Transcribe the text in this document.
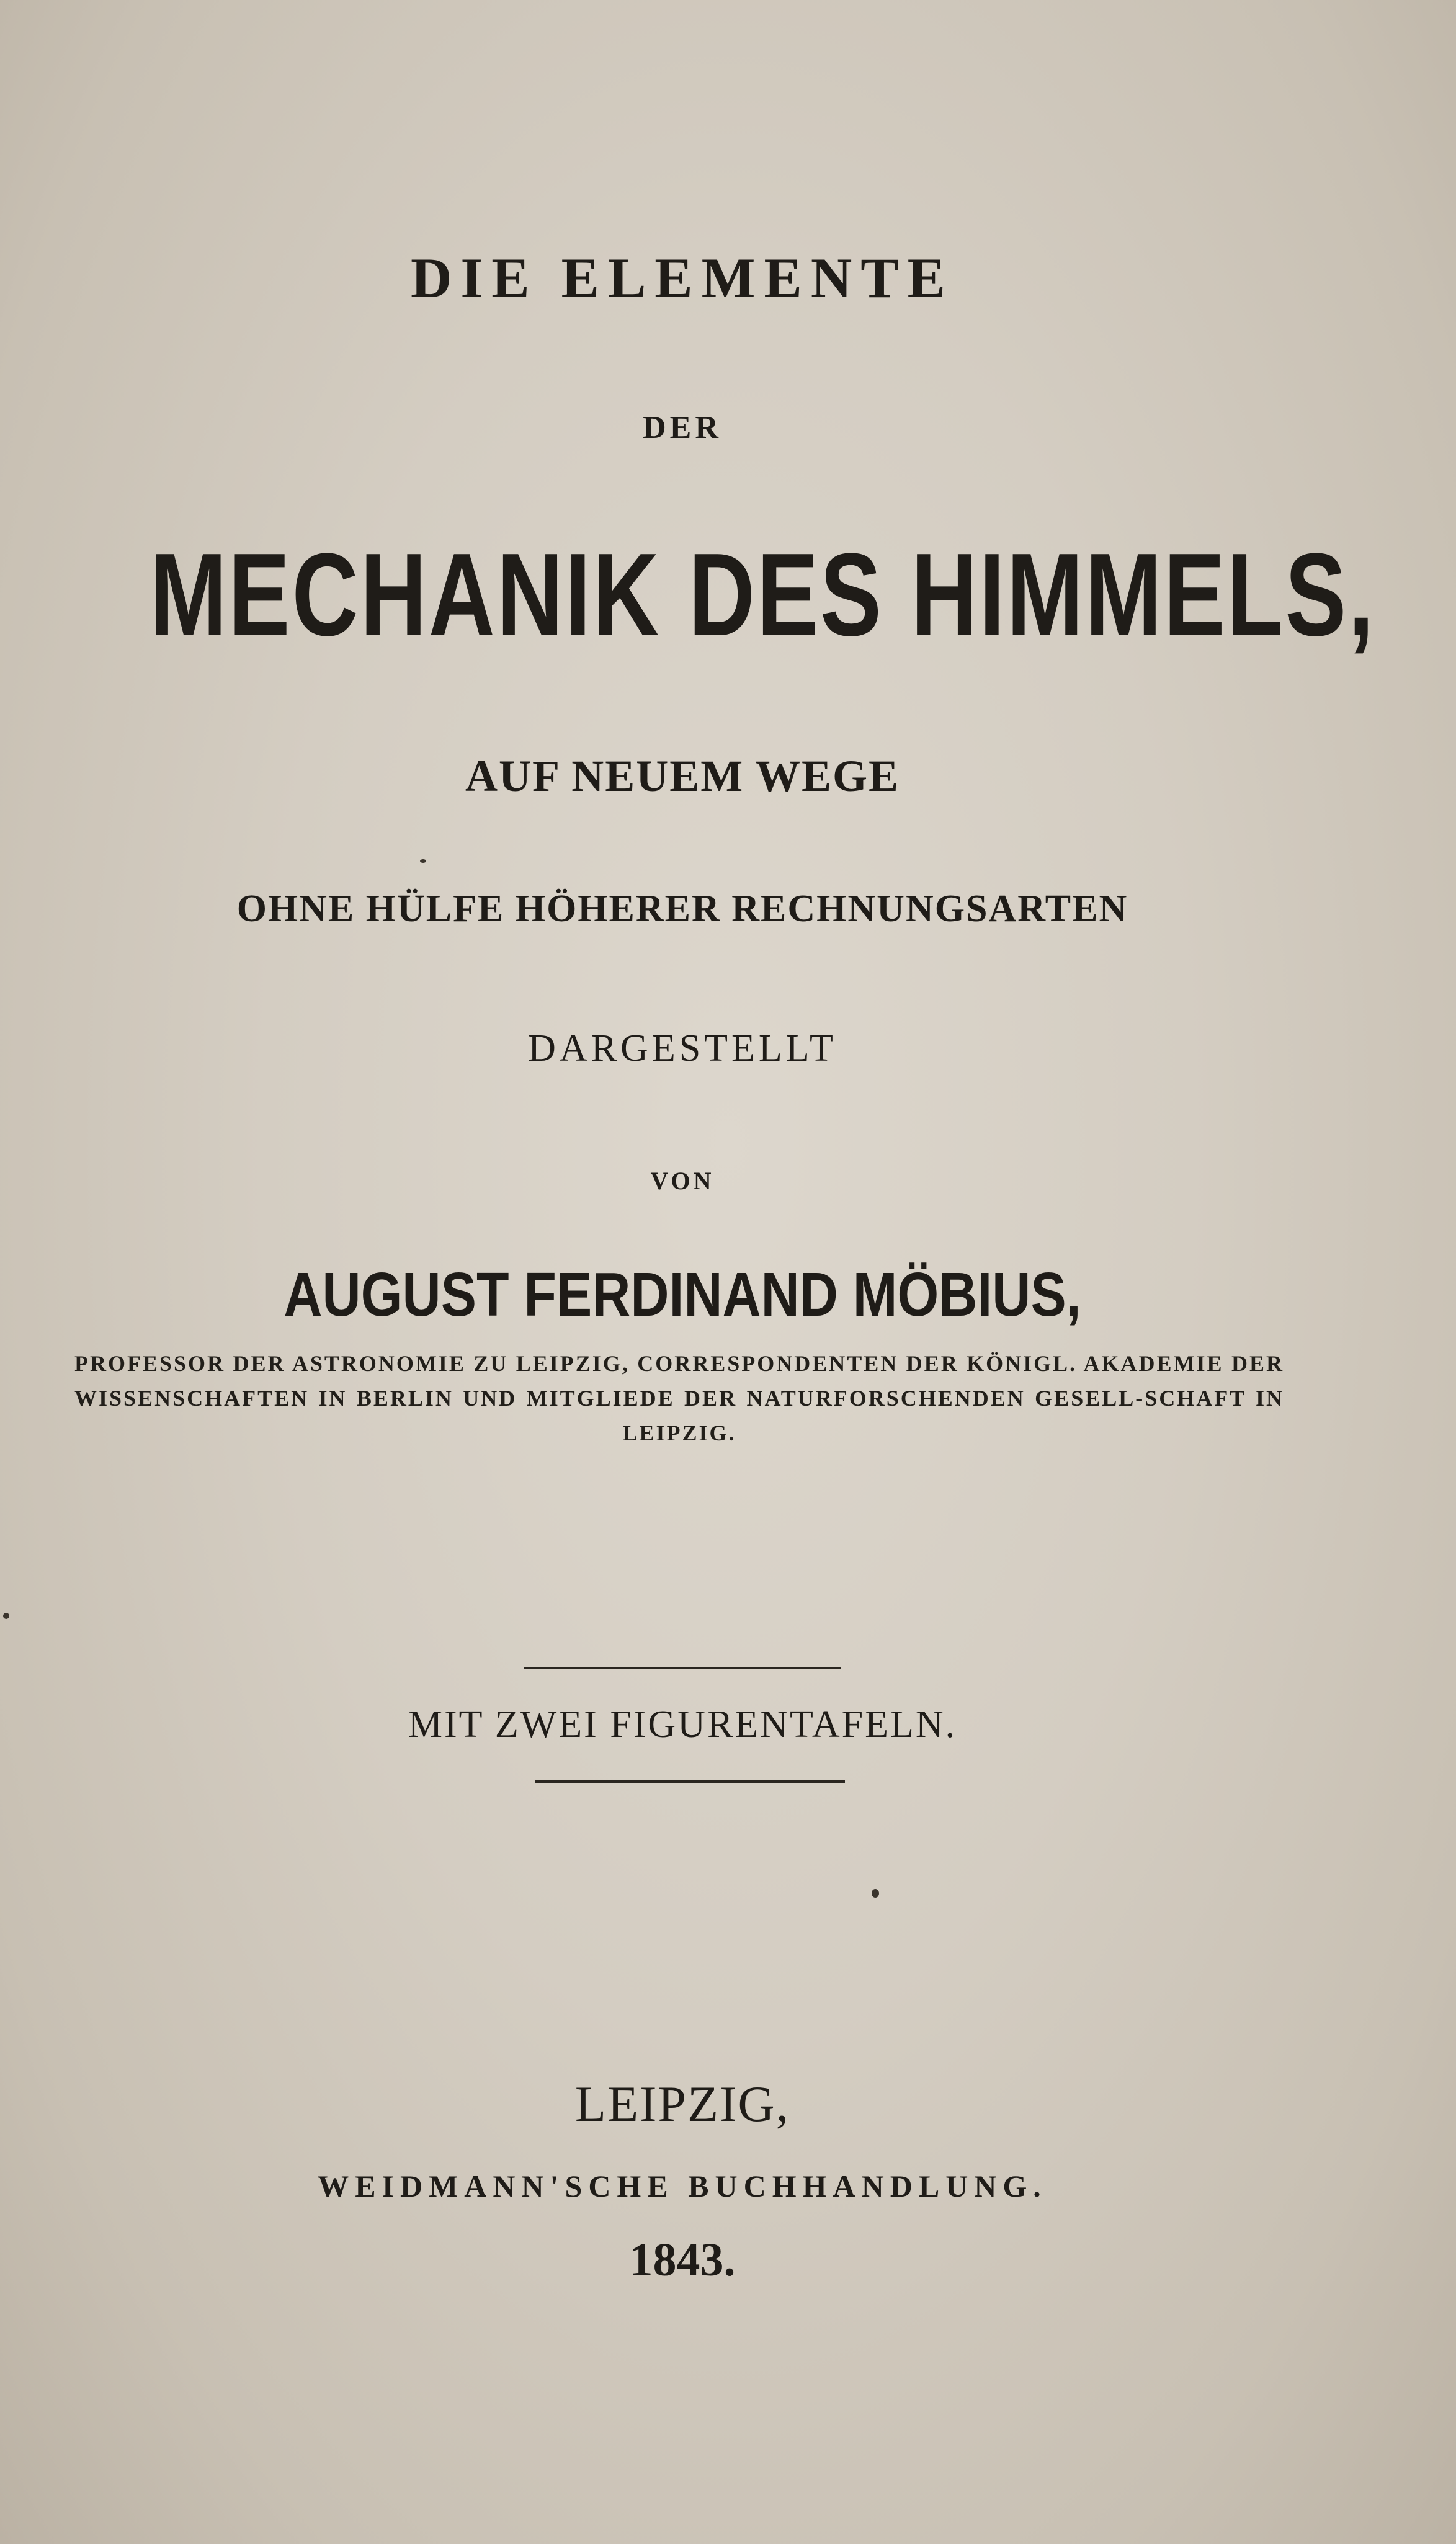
DIE ELEMENTE
DER
MECHANIK DES HIMMELS,
AUF NEUEM WEGE
OHNE HÜLFE HÖHERER RECHNUNGSARTEN
DARGESTELLT
VON
AUGUST FERDINAND MÖBIUS,
PROFESSOR DER ASTRONOMIE ZU LEIPZIG, CORRESPONDENTEN DER KÖNIGL. AKADEMIE DER WISSENSCHAFTEN IN BERLIN UND MITGLIEDE DER NATURFORSCHENDEN GESELL-SCHAFT IN LEIPZIG.
MIT ZWEI FIGURENTAFELN.
LEIPZIG,
WEIDMANN'SCHE BUCHHANDLUNG.
1843.
